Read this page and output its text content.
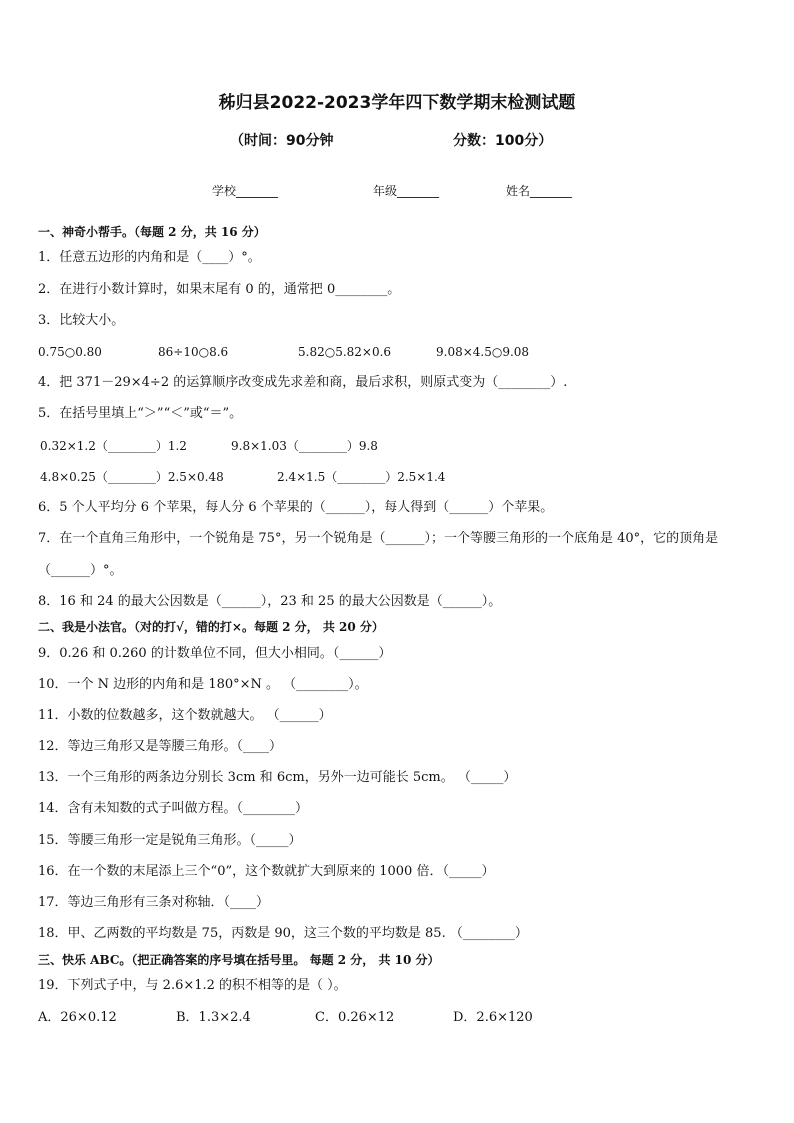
秭归县2022-2023学年四下数学期末检测试题
（时间：90分钟	分数：100分）
学校_______	年级_______	姓名_______
一、神奇小帮手。（每题 2 分，共 16 分）
1．任意五边形的内角和是（____）°。
2．在进行小数计算时，如果末尾有 0 的，通常把 0________。
3．比较大小。
0.75○0.80	86÷10○8.6	5.82○5.82×0.6	9.08×4.5○9.08
4．把 371－29×4÷2 的运算顺序改变成先求差和商，最后求积，则原式变为（________）.
5．在括号里填上“＞”“＜”或“＝”。
0.32×1.2（________）1.2	9.8×1.03（________）9.8
4.8×0.25（________）2.5×0.48	2.4×1.5（________）2.5×1.4
6．5 个人平均分 6 个苹果，每人分 6 个苹果的（______），每人得到（______）个苹果。
7．在一个直角三角形中，一个锐角是 75°，另一个锐角是（______）；一个等腰三角形的一个底角是 40°，它的顶角是
（______）°。
8．16 和 24 的最大公因数是（______），23 和 25 的最大公因数是（______）。
二、我是小法官。（对的打√，错的打×。每题 2 分， 共 20 分）
9．0.26 和 0.260 的计数单位不同，但大小相同。（______）
10．一个 N 边形的内角和是 180°×N 。 （________）。
11．小数的位数越多，这个数就越大。 （______）
12．等边三角形又是等腰三角形。（____）
13．一个三角形的两条边分别长 3cm 和 6cm，另外一边可能长 5cm。 （_____）
14．含有未知数的式子叫做方程。（________）
15．等腰三角形一定是锐角三角形。（_____）
16．在一个数的末尾添上三个“0”，这个数就扩大到原来的 1000 倍．（_____）
17．等边三角形有三条对称轴．（____）
18．甲、乙两数的平均数是 75，丙数是 90，这三个数的平均数是 85. （________）
三、快乐 ABC。（把正确答案的序号填在括号里。 每题 2 分， 共 10 分）
19．下列式子中，与 2.6×1.2 的积不相等的是（ ）。
A．26×0.12	B．1.3×2.4	C．0.26×12	D．2.6×120
